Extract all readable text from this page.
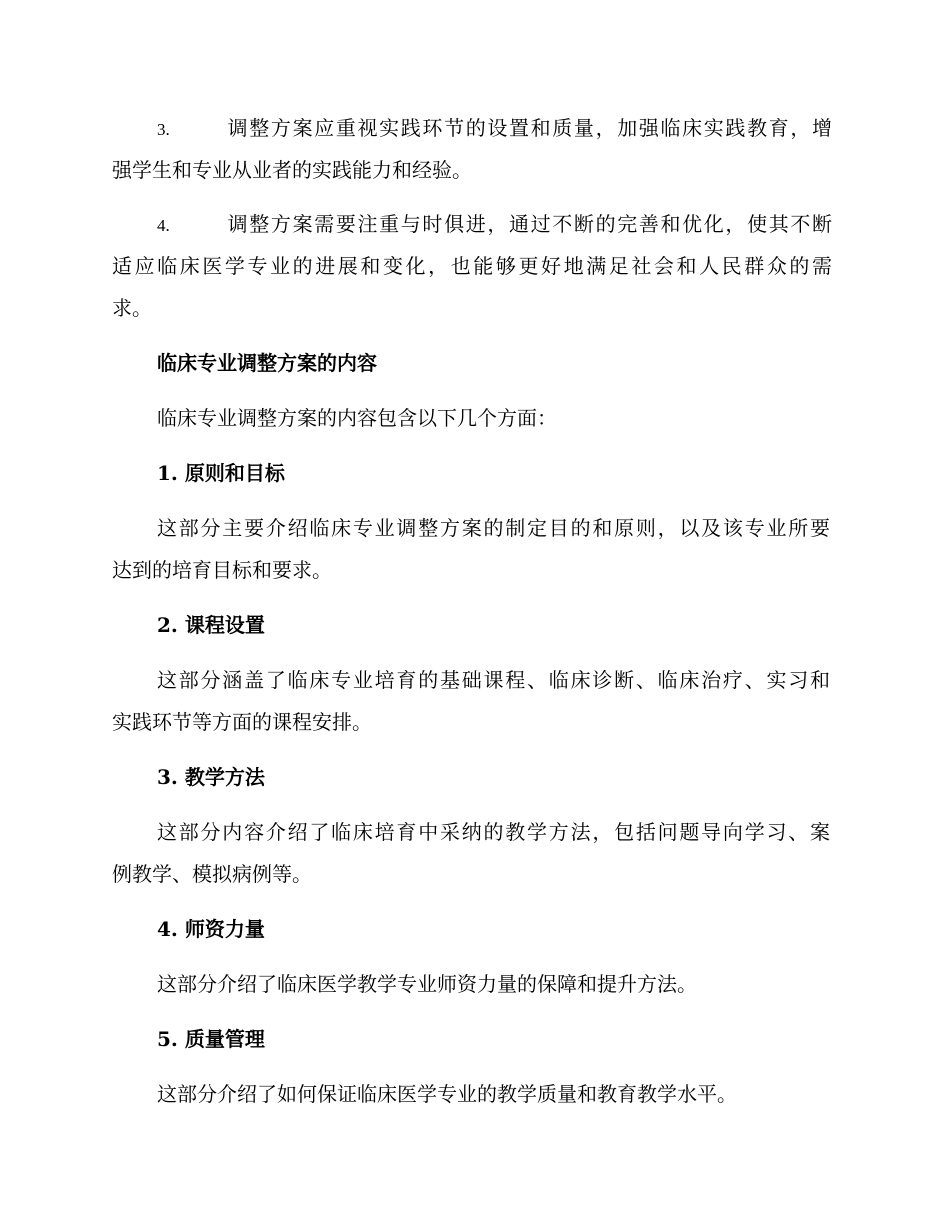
3.	调整方案应重视实践环节的设置和质量，加强临床实践教育，增
强学生和专业从业者的实践能力和经验。
4.	调整方案需要注重与时俱进，通过不断的完善和优化，使其不断
适应临床医学专业的进展和变化，也能够更好地满足社会和人民群众的需
求。
临床专业调整方案的内容
临床专业调整方案的内容包含以下几个方面：
1. 原则和目标
这部分主要介绍临床专业调整方案的制定目的和原则，以及该专业所要
达到的培育目标和要求。
2. 课程设置
这部分涵盖了临床专业培育的基础课程、临床诊断、临床治疗、实习和
实践环节等方面的课程安排。
3. 教学方法
这部分内容介绍了临床培育中采纳的教学方法，包括问题导向学习、案
例教学、模拟病例等。
4. 师资力量
这部分介绍了临床医学教学专业师资力量的保障和提升方法。
5. 质量管理
这部分介绍了如何保证临床医学专业的教学质量和教育教学水平。
